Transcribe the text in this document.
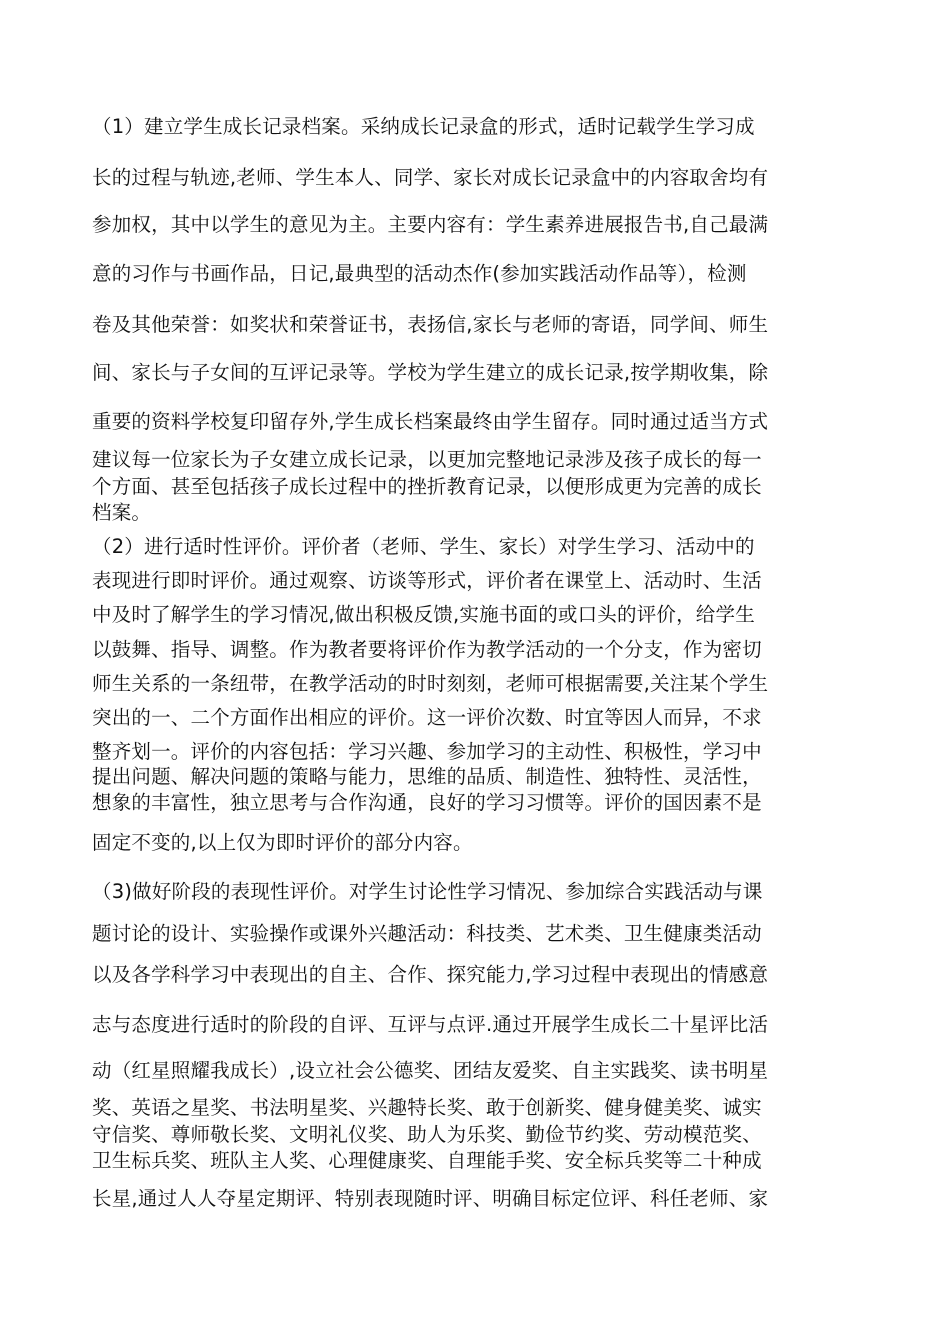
（1）建立学生成长记录档案。采纳成长记录盒的形式，适时记载学生学习成
长的过程与轨迹,老师、学生本人、同学、家长对成长记录盒中的内容取舍均有
参加权，其中以学生的意见为主。主要内容有：学生素养进展报告书,自己最满
意的习作与书画作品，日记,最典型的活动杰作(参加实践活动作品等），检测
卷及其他荣誉：如奖状和荣誉证书，表扬信,家长与老师的寄语，同学间、师生
间、家长与子女间的互评记录等。学校为学生建立的成长记录,按学期收集，除
重要的资料学校复印留存外,学生成长档案最终由学生留存。同时通过适当方式
建议每一位家长为子女建立成长记录，以更加完整地记录涉及孩子成长的每一
个方面、甚至包括孩子成长过程中的挫折教育记录，以便形成更为完善的成长
档案。
（2）进行适时性评价。评价者（老师、学生、家长）对学生学习、活动中的
表现进行即时评价。通过观察、访谈等形式，评价者在课堂上、活动时、生活
中及时了解学生的学习情况,做出积极反馈,实施书面的或口头的评价，给学生
以鼓舞、指导、调整。作为教者要将评价作为教学活动的一个分支，作为密切
师生关系的一条纽带，在教学活动的时时刻刻，老师可根据需要,关注某个学生
突出的一、二个方面作出相应的评价。这一评价次数、时宜等因人而异，不求
整齐划一。评价的内容包括：学习兴趣、参加学习的主动性、积极性，学习中
提出问题、解决问题的策略与能力，思维的品质、制造性、独特性、灵活性，
想象的丰富性，独立思考与合作沟通，良好的学习习惯等。评价的国因素不是
固定不变的,以上仅为即时评价的部分内容。
（3)做好阶段的表现性评价。对学生讨论性学习情况、参加综合实践活动与课
题讨论的设计、实验操作或课外兴趣活动：科技类、艺术类、卫生健康类活动
以及各学科学习中表现出的自主、合作、探究能力,学习过程中表现出的情感意
志与态度进行适时的阶段的自评、互评与点评.通过开展学生成长二十星评比活
动（红星照耀我成长）,设立社会公德奖、团结友爱奖、自主实践奖、读书明星
奖、英语之星奖、书法明星奖、兴趣特长奖、敢于创新奖、健身健美奖、诚实
守信奖、尊师敬长奖、文明礼仪奖、助人为乐奖、勤俭节约奖、劳动模范奖、
卫生标兵奖、班队主人奖、心理健康奖、自理能手奖、安全标兵奖等二十种成
长星,通过人人夺星定期评、特别表现随时评、明确目标定位评、科任老师、家
